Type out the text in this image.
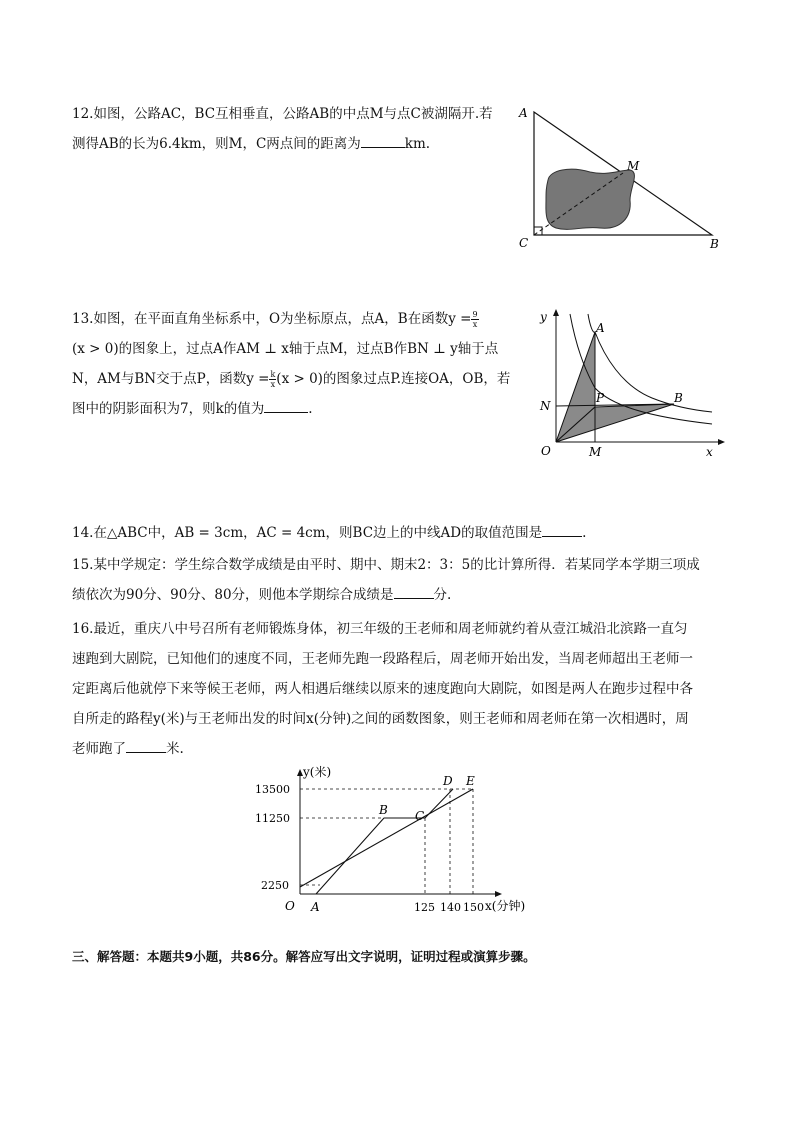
12.如图，公路AC，BC互相垂直，公路AB的中点M与点C被湖隔开.若
测得AB的长为6.4km，则M，C两点间的距离为	km.
A
M
C	B
13.如图，在平面直角坐标系中，O为坐标原点，点A，B在函数$y = \frac{9}{x}$
(x > 0)的图象上，过点A作AM ⊥ x轴于点M，过点B作BN ⊥ y轴于点
N，AM与BN交于点P，函数$y = \frac{k}{x} (x > 0)$的图象过点P.连接OA，OB，若
图中的阴影面积为7，则k的值为	.
y
A
N
P	B
O	M	x
14.在△ABC中，AB = 3cm，AC = 4cm，则BC边上的中线AD的取值范围是	.
15.某中学规定：学生综合数学成绩是由平时、期中、期末2：3：5的比计算所得．若某同学本学期三项成
绩依次为90分、90分、80分，则他本学期综合成绩是	分.
16.最近，重庆八中号召所有老师锻炼身体，初三年级的王老师和周老师就约着从壹江城沿北滨路一直匀
速跑到大剧院，已知他们的速度不同，王老师先跑一段路程后，周老师开始出发，当周老师超出王老师一
定距离后他就停下来等候王老师，两人相遇后继续以原来的速度跑向大剧院，如图是两人在跑步过程中各
自所走的路程y(米)与王老师出发的时间x(分钟)之间的函数图象，则王老师和周老师在第一次相遇时，周
老师跑了	米.
y(米)
x(分钟)
O A
B C
D E
13500
11250
2250
125 140 150
三、解答题：本题共9小题，共86分。解答应写出文字说明，证明过程或演算步骤。
